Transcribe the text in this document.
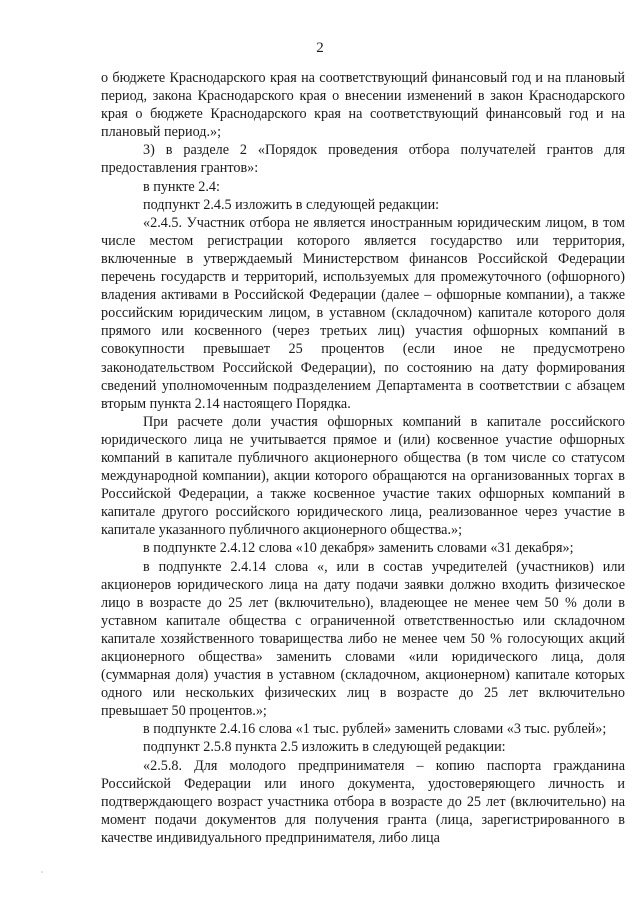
2

о бюджете Краснодарского края на соответствующий финансовый год и на плановый период, закона Краснодарского края о внесении изменений в закон Краснодарского края о бюджете Краснодарского края на соответствующий финансовый год и на плановый период.»;

3) в разделе 2 «Порядок проведения отбора получателей грантов для предоставления грантов»:

в пункте 2.4:

подпункт 2.4.5 изложить в следующей редакции:

«2.4.5. Участник отбора не является иностранным юридическим лицом, в том числе местом регистрации которого является государство или территория, включенные в утверждаемый Министерством финансов Российской Федерации перечень государств и территорий, используемых для промежуточного (офшорного) владения активами в Российской Федерации (далее – офшорные компании), а также российским юридическим лицом, в уставном (складочном) капитале которого доля прямого или косвенного (через третьих лиц) участия офшорных компаний в совокупности превышает 25 процентов (если иное не предусмотрено законодательством Российской Федерации), по состоянию на дату формирования сведений уполномоченным подразделением Департамента в соответствии с абзацем вторым пункта 2.14 настоящего Порядка.

При расчете доли участия офшорных компаний в капитале российского юридического лица не учитывается прямое и (или) косвенное участие офшорных компаний в капитале публичного акционерного общества (в том числе со статусом международной компании), акции которого обращаются на организованных торгах в Российской Федерации, а также косвенное участие таких офшорных компаний в капитале другого российского юридического лица, реализованное через участие в капитале указанного публичного акционерного общества.»;

в подпункте 2.4.12 слова «10 декабря» заменить словами «31 декабря»;

в подпункте 2.4.14 слова «, или в состав учредителей (участников) или акционеров юридического лица на дату подачи заявки должно входить физическое лицо в возрасте до 25 лет (включительно), владеющее не менее чем 50 % доли в уставном капитале общества с ограниченной ответственностью или складочном капитале хозяйственного товарищества либо не менее чем 50 % голосующих акций акционерного общества» заменить словами «или юридического лица, доля (суммарная доля) участия в уставном (складочном, акционерном) капитале которых одного или нескольких физических лиц в возрасте до 25 лет включительно превышает 50 процентов.»;

в подпункте 2.4.16 слова «1 тыс. рублей» заменить словами «3 тыс. рублей»;

подпункт 2.5.8 пункта 2.5 изложить в следующей редакции:

«2.5.8. Для молодого предпринимателя – копию паспорта гражданина Российской Федерации или иного документа, удостоверяющего личность и подтверждающего возраст участника отбора в возрасте до 25 лет (включительно) на момент подачи документов для получения гранта (лица, зарегистрированного в качестве индивидуального предпринимателя, либо лица
